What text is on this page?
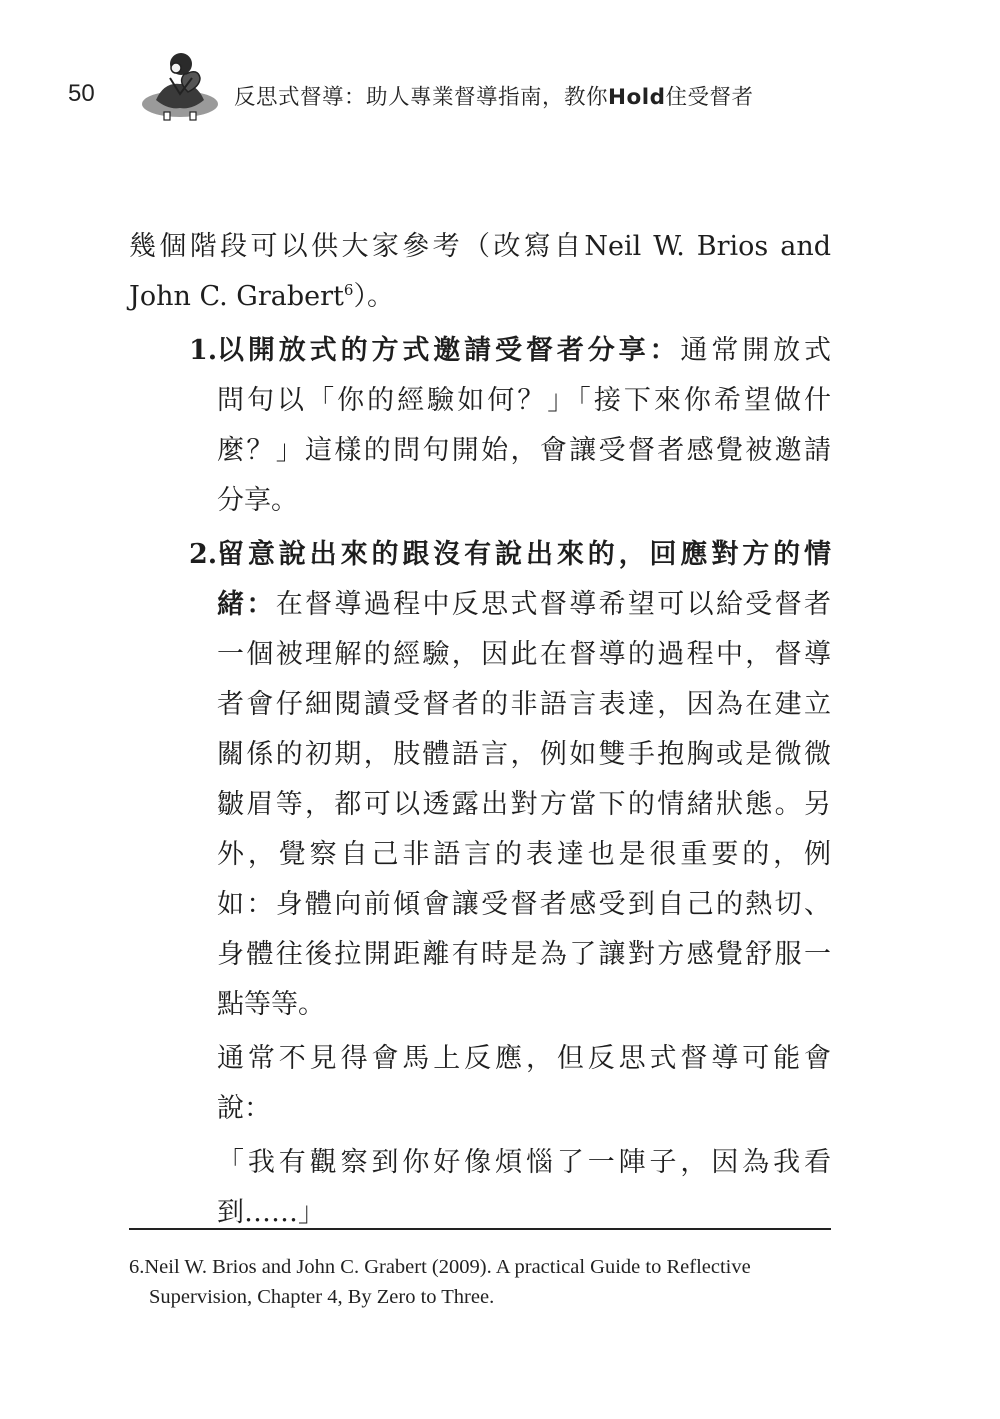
50	反思式督導：助人專業督導指南，教你Hold住受督者
幾個階段可以供大家參考（改寫自Neil W. Brios and
John C. Grabert$^6$）。
1. 以開放式的方式邀請受督者分享：通常開放式
問句以「你的經驗如何？」「接下來你希望做什
麼？」這樣的問句開始，會讓受督者感覺被邀請
分享。
2. 留意說出來的跟沒有說出來的，回應對方的情
緒：在督導過程中反思式督導希望可以給受督者
一個被理解的經驗，因此在督導的過程中，督導
者會仔細閱讀受督者的非語言表達，因為在建立
關係的初期，肢體語言，例如雙手抱胸或是微微
皺眉等，都可以透露出對方當下的情緒狀態。另
外，覺察自己非語言的表達也是很重要的，例
如：身體向前傾會讓受督者感受到自己的熱切、
身體往後拉開距離有時是為了讓對方感覺舒服一
點等等。
通常不見得會馬上反應，但反思式督導可能會
說：
「我有觀察到你好像煩惱了一陣子，因為我看
到……」
6.Neil W. Brios and John C. Grabert (2009). A practical Guide to Reflective
Supervision, Chapter 4, By Zero to Three.
